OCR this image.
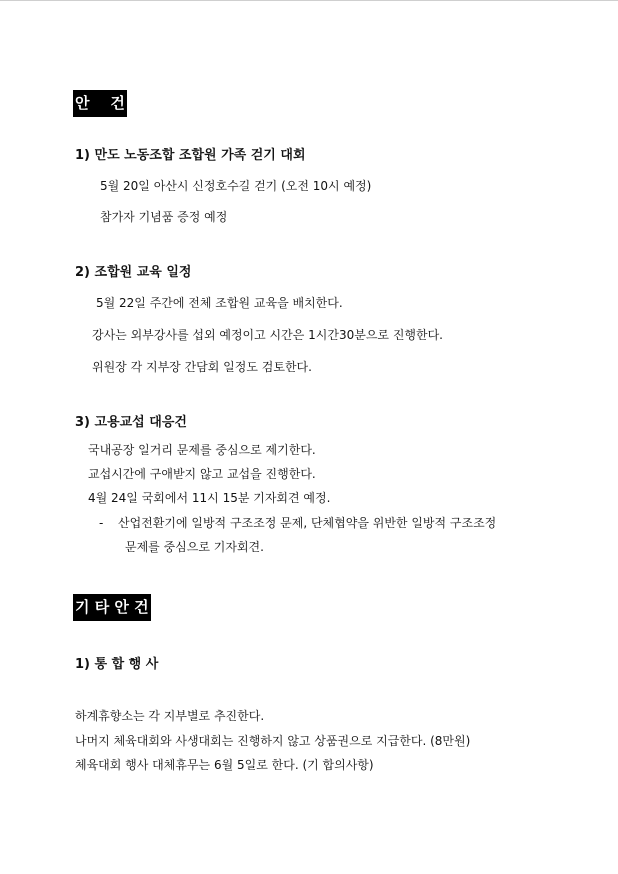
안    건
1) 만도 노동조합 조합원 가족 걷기 대회
5월 20일 아산시 신정호수길 걷기 (오전 10시 예정)
참가자 기념품 증정 예정
2) 조합원 교육 일정
5월 22일 주간에 전체 조합원 교육을 배치한다.
강사는 외부강사를 섭외 예정이고 시간은 1시간30분으로 진행한다.
위원장 각 지부장 간담회 일정도 검토한다.
3) 고용교섭 대응건
국내공장 일거리 문제를 중심으로 제기한다.
교섭시간에 구애받지 않고 교섭을 진행한다.
4월 24일 국회에서 11시 15분 기자회견 예정.
- 산업전환기에 일방적 구조조정 문제, 단체협약을 위반한 일방적 구조조정
문제를 중심으로 기자회견.
기 타 안 건
1) 통 합 행 사
하계휴향소는 각 지부별로 추진한다.
나머지 체육대회와 사생대회는 진행하지 않고 상품권으로 지급한다. (8만원)
체육대회 행사 대체휴무는 6월 5일로 한다. (기 합의사항)
